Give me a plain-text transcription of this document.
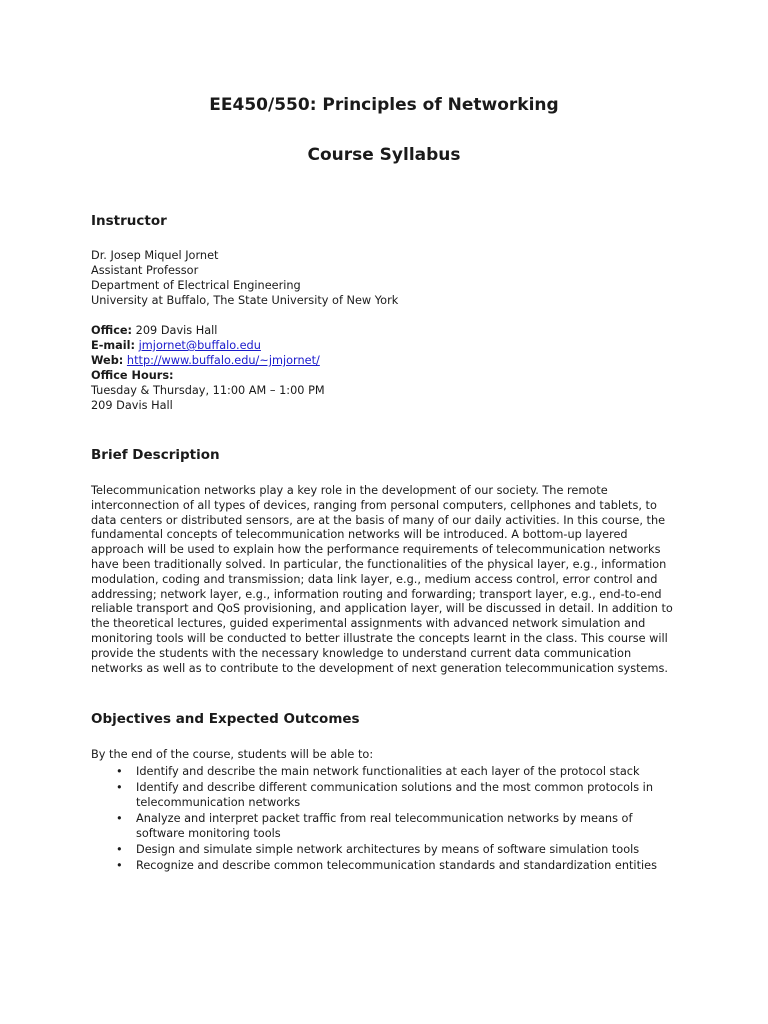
EE450/550: Principles of Networking
Course Syllabus
Instructor
Dr. Josep Miquel Jornet
Assistant Professor
Department of Electrical Engineering
University at Buffalo, The State University of New York
Office: 209 Davis Hall
E-mail: jmjornet@buffalo.edu
Web: http://www.buffalo.edu/~jmjornet/
Office Hours:
Tuesday & Thursday, 11:00 AM – 1:00 PM
209 Davis Hall
Brief Description
Telecommunication networks play a key role in the development of our society. The remote
interconnection of all types of devices, ranging from personal computers, cellphones and tablets, to
data centers or distributed sensors, are at the basis of many of our daily activities. In this course, the
fundamental concepts of telecommunication networks will be introduced. A bottom-up layered
approach will be used to explain how the performance requirements of telecommunication networks
have been traditionally solved. In particular, the functionalities of the physical layer, e.g., information
modulation, coding and transmission; data link layer, e.g., medium access control, error control and
addressing; network layer, e.g., information routing and forwarding; transport layer, e.g., end-to-end
reliable transport and QoS provisioning, and application layer, will be discussed in detail. In addition to
the theoretical lectures, guided experimental assignments with advanced network simulation and
monitoring tools will be conducted to better illustrate the concepts learnt in the class. This course will
provide the students with the necessary knowledge to understand current data communication
networks as well as to contribute to the development of next generation telecommunication systems.
Objectives and Expected Outcomes
By the end of the course, students will be able to:
• Identify and describe the main network functionalities at each layer of the protocol stack
• Identify and describe different communication solutions and the most common protocols in
telecommunication networks
• Analyze and interpret packet traffic from real telecommunication networks by means of
software monitoring tools
• Design and simulate simple network architectures by means of software simulation tools
• Recognize and describe common telecommunication standards and standardization entities
